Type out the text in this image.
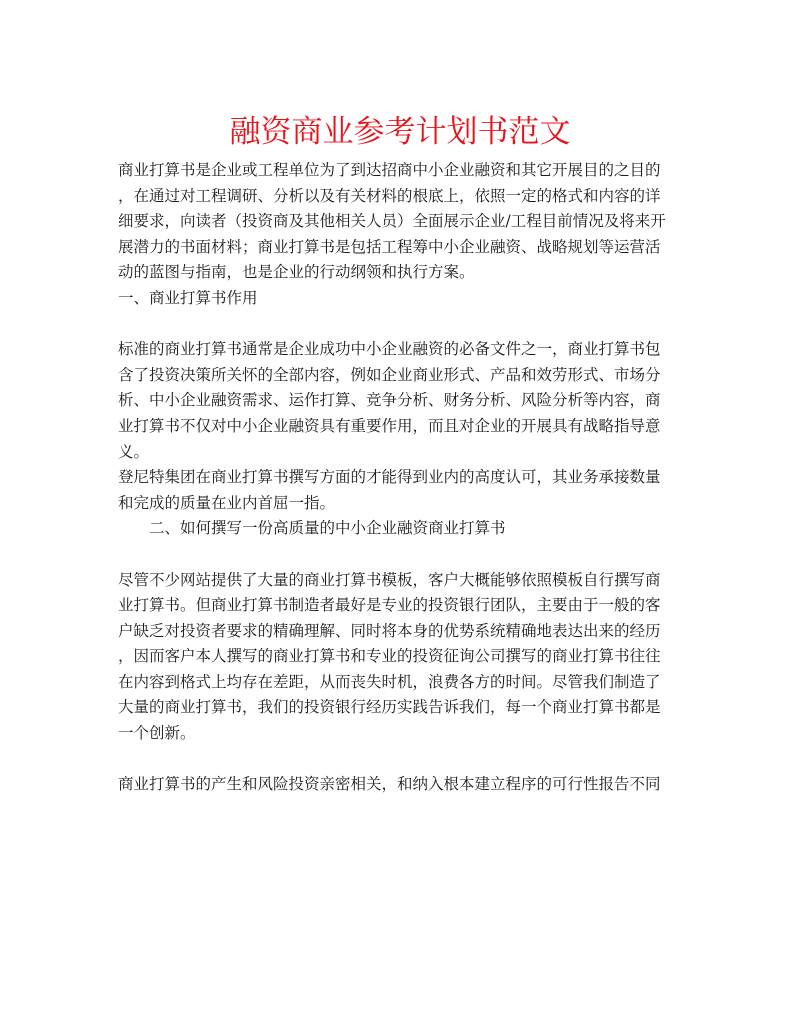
融资商业参考计划书范文
商业打算书是企业或工程单位为了到达招商中小企业融资和其它开展目的之目的
，在通过对工程调研、分析以及有关材料的根底上，依照一定的格式和内容的详
细要求，向读者（投资商及其他相关人员）全面展示企业/工程目前情况及将来开
展潜力的书面材料；商业打算书是包括工程筹中小企业融资、战略规划等运营活
动的蓝图与指南，也是企业的行动纲领和执行方案。
一、商业打算书作用
标准的商业打算书通常是企业成功中小企业融资的必备文件之一，商业打算书包
含了投资决策所关怀的全部内容，例如企业商业形式、产品和效劳形式、市场分
析、中小企业融资需求、运作打算、竞争分析、财务分析、风险分析等内容，商
业打算书不仅对中小企业融资具有重要作用，而且对企业的开展具有战略指导意
义。
登尼特集团在商业打算书撰写方面的才能得到业内的高度认可，其业务承接数量
和完成的质量在业内首屈一指。
二、如何撰写一份高质量的中小企业融资商业打算书
尽管不少网站提供了大量的商业打算书模板，客户大概能够依照模板自行撰写商
业打算书。但商业打算书制造者最好是专业的投资银行团队，主要由于一般的客
户缺乏对投资者要求的精确理解、同时将本身的优势系统精确地表达出来的经历
，因而客户本人撰写的商业打算书和专业的投资征询公司撰写的商业打算书往往
在内容到格式上均存在差距，从而丧失时机，浪费各方的时间。尽管我们制造了
大量的商业打算书，我们的投资银行经历实践告诉我们，每一个商业打算书都是
一个创新。
商业打算书的产生和风险投资亲密相关，和纳入根本建立程序的可行性报告不同
